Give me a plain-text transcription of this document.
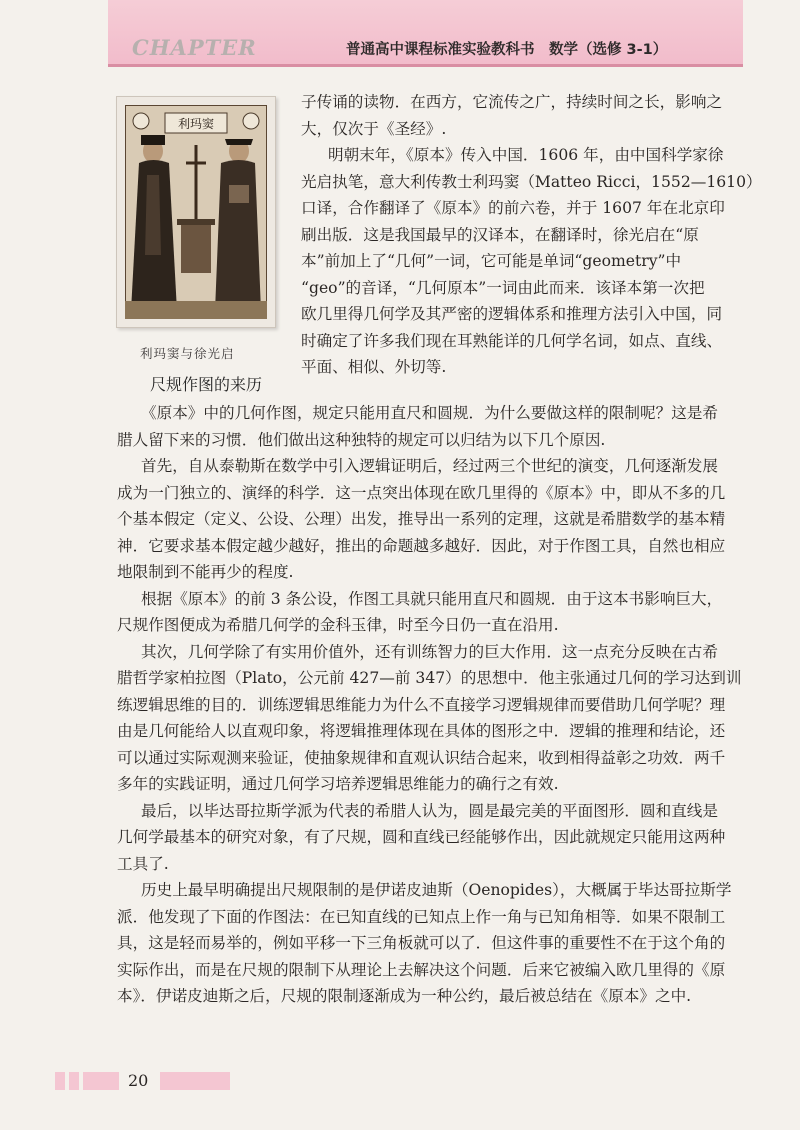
CHAPTER	普通高中课程标准实验教科书　数学（选修 3-1）
利玛窦
利玛窦与徐光启
子传诵的读物．在西方，它流传之广，持续时间之长，影响之
大，仅次于《圣经》.
明朝末年，《原本》传入中国．1606 年，由中国科学家徐
光启执笔，意大利传教士利玛窦（Matteo Ricci，1552—1610）
口译，合作翻译了《原本》的前六卷，并于 1607 年在北京印
刷出版．这是我国最早的汉译本，在翻译时，徐光启在“原
本”前加上了“几何”一词，它可能是单词“geometry”中
“geo”的音译，“几何原本”一词由此而来．该译本第一次把
欧几里得几何学及其严密的逻辑体系和推理方法引入中国，同
时确定了许多我们现在耳熟能详的几何学名词，如点、直线、
平面、相似、外切等.
尺规作图的来历
《原本》中的几何作图，规定只能用直尺和圆规．为什么要做这样的限制呢？这是希
腊人留下来的习惯．他们做出这种独特的规定可以归结为以下几个原因.
首先，自从泰勒斯在数学中引入逻辑证明后，经过两三个世纪的演变，几何逐渐发展
成为一门独立的、演绎的科学．这一点突出体现在欧几里得的《原本》中，即从不多的几
个基本假定（定义、公设、公理）出发，推导出一系列的定理，这就是希腊数学的基本精
神．它要求基本假定越少越好，推出的命题越多越好．因此，对于作图工具，自然也相应
地限制到不能再少的程度.
根据《原本》的前 3 条公设，作图工具就只能用直尺和圆规．由于这本书影响巨大，
尺规作图便成为希腊几何学的金科玉律，时至今日仍一直在沿用.
其次，几何学除了有实用价值外，还有训练智力的巨大作用．这一点充分反映在古希
腊哲学家柏拉图（Plato，公元前 427—前 347）的思想中．他主张通过几何的学习达到训
练逻辑思维的目的．训练逻辑思维能力为什么不直接学习逻辑规律而要借助几何学呢？理
由是几何能给人以直观印象，将逻辑推理体现在具体的图形之中．逻辑的推理和结论，还
可以通过实际观测来验证，使抽象规律和直观认识结合起来，收到相得益彰之功效．两千
多年的实践证明，通过几何学习培养逻辑思维能力的确行之有效.
最后，以毕达哥拉斯学派为代表的希腊人认为，圆是最完美的平面图形．圆和直线是
几何学最基本的研究对象，有了尺规，圆和直线已经能够作出，因此就规定只能用这两种
工具了.
历史上最早明确提出尺规限制的是伊诺皮迪斯（Oenopides），大概属于毕达哥拉斯学
派．他发现了下面的作图法：在已知直线的已知点上作一角与已知角相等．如果不限制工
具，这是轻而易举的，例如平移一下三角板就可以了．但这件事的重要性不在于这个角的
实际作出，而是在尺规的限制下从理论上去解决这个问题．后来它被编入欧几里得的《原
本》．伊诺皮迪斯之后，尺规的限制逐渐成为一种公约，最后被总结在《原本》之中.
20
